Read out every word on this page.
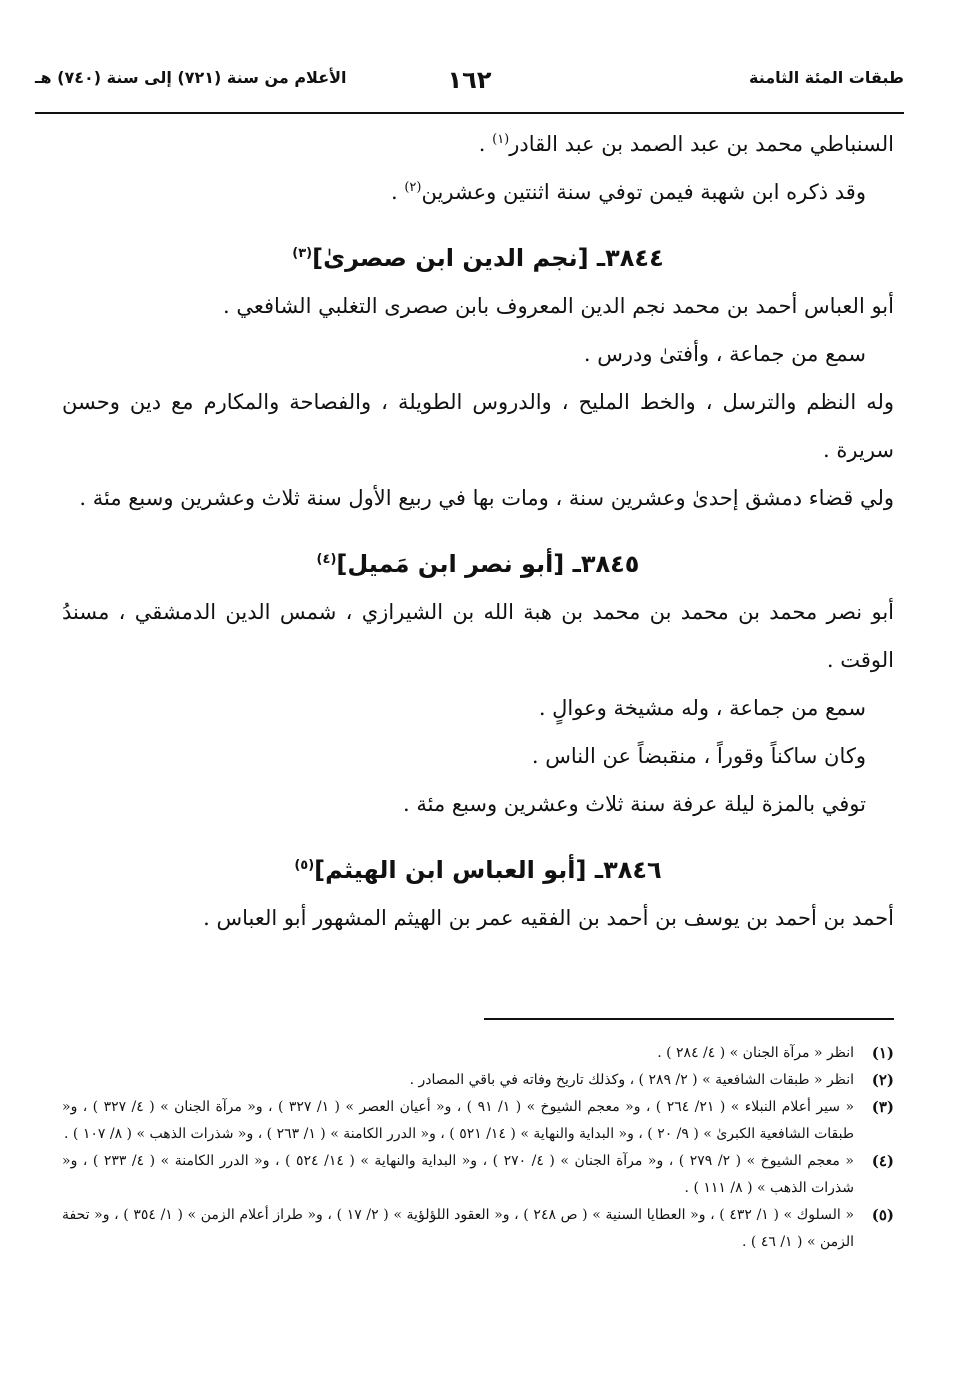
طبقات المئة الثامنة
١٦٢
الأعلام من سنة (٧٢١) إلى سنة (٧٤٠) هـ
السنباطي محمد بن عبد الصمد بن عبد القادر$^{(١)}$ .
وقد ذكره ابن شهبة فيمن توفي سنة اثنتين وعشرين$^{(٢)}$ .
٣٨٤٤ـ [نجم الدين ابن صصرىٰ]$^{(٣)}$
أبو العباس أحمد بن محمد نجم الدين المعروف بابن صصرى التغلبي الشافعي .
سمع من جماعة ، وأفتىٰ ودرس .
وله النظم والترسل ، والخط المليح ، والدروس الطويلة ، والفصاحة والمكارم مع دين وحسن سريرة .
ولي قضاء دمشق إحدىٰ وعشرين سنة ، ومات بها في ربيع الأول سنة ثلاث وعشرين وسبع مئة .
٣٨٤٥ـ [أبو نصر ابن مَميل]$^{(٤)}$
أبو نصر محمد بن محمد بن محمد بن هبة الله بن الشيرازي ، شمس الدين الدمشقي ، مسندُ الوقت .
سمع من جماعة ، وله مشيخة وعوالٍ .
وكان ساكناً وقوراً ، منقبضاً عن الناس .
توفي بالمزة ليلة عرفة سنة ثلاث وعشرين وسبع مئة .
٣٨٤٦ـ [أبو العباس ابن الهيثم]$^{(٥)}$
أحمد بن أحمد بن يوسف بن أحمد بن الفقيه عمر بن الهيثم المشهور أبو العباس .
(١)
انظر « مرآة الجنان » ( ٤/ ٢٨٤ ) .
(٢)
انظر « طبقات الشافعية » ( ٢/ ٢٨٩ ) ، وكذلك تاريخ وفاته في باقي المصادر .
(٣)
« سير أعلام النبلاء » ( ٢١/ ٢٦٤ ) ، و« معجم الشيوخ » ( ١/ ٩١ ) ، و« أعيان العصر » ( ١/ ٣٢٧ ) ، و« مرآة الجنان » ( ٤/ ٣٢٧ ) ، و« طبقات الشافعية الكبرىٰ » ( ٩/ ٢٠ ) ، و« البداية والنهاية » ( ١٤/ ٥٢١ ) ، و« الدرر الكامنة » ( ١/ ٢٦٣ ) ، و« شذرات الذهب » ( ٨/ ١٠٧ ) .
(٤)
« معجم الشيوخ » ( ٢/ ٢٧٩ ) ، و« مرآة الجنان » ( ٤/ ٢٧٠ ) ، و« البداية والنهاية » ( ١٤/ ٥٢٤ ) ، و« الدرر الكامنة » ( ٤/ ٢٣٣ ) ، و« شذرات الذهب » ( ٨/ ١١١ ) .
(٥)
« السلوك » ( ١/ ٤٣٢ ) ، و« العطايا السنية » ( ص ٢٤٨ ) ، و« العقود اللؤلؤية » ( ٢/ ١٧ ) ، و« طراز أعلام الزمن » ( ١/ ٣٥٤ ) ، و« تحفة الزمن » ( ١/ ٤٦ ) .
